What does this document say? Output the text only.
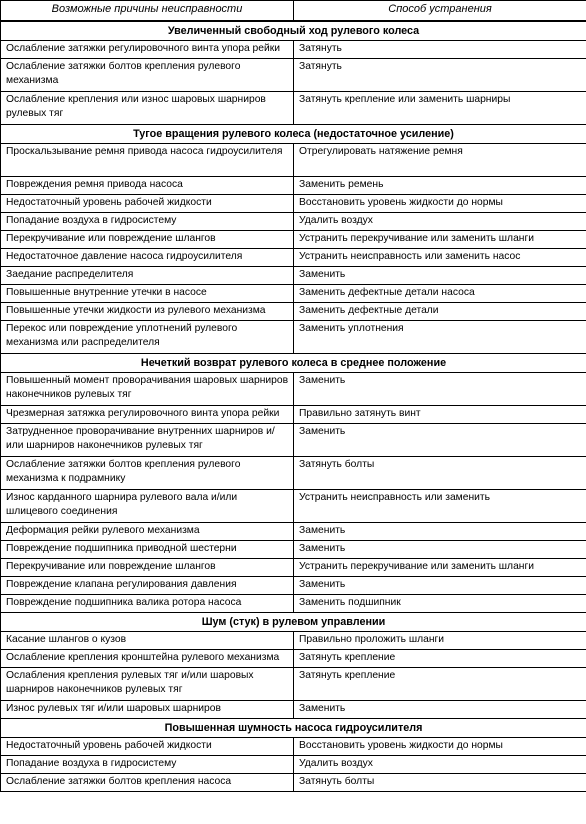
Возможные причины неисправности	Способ устранения
Увеличенный свободный ход рулевого колеса	
Ослабление затяжки регулировочного винта упора рейки	Затянуть
Ослабление затяжки болтов крепления рулевого механизма	Затянуть
Ослабление крепления или износ шаровых шарниров рулевых тяг	Затянуть крепление или заменить шарниры
Тугое вращения рулевого колеса (недостаточное усиление)	
Проскальзывание ремня привода насоса гидроусилителя	Отрегулировать натяжение ремня
Повреждения ремня привода насоса	Заменить ремень
Недостаточный уровень рабочей жидкости	Восстановить уровень жидкости до нормы
Попадание воздуха в гидросистему	Удалить воздух
Перекручивание или повреждение шлангов	Устранить перекручивание или заменить шланги
Недостаточное давление насоса гидроусилителя	Устранить неисправность или заменить насос
Заедание распределителя	Заменить
Повышенные внутренние утечки в насосе	Заменить дефектные детали насоса
Повышенные утечки жидкости из рулевого механизма	Заменить дефектные детали
Перекос или повреждение уплотнений рулевого механизма или распределителя	Заменить уплотнения
Нечеткий возврат рулевого колеса в среднее положение	
Повышенный момент проворачивания шаровых шарниров наконечников рулевых тяг	Заменить
Чрезмерная затяжка регулировочного винта упора рейки	Правильно затянуть винт
Затрудненное проворачивание внутренних шарниров и/или шарниров наконечников рулевых тяг	Заменить
Ослабление затяжки болтов крепления рулевого механизма к подрамнику	Затянуть болты
Износ карданного шарнира рулевого вала и/или шлицевого соединения	Устранить неисправность или заменить
Деформация рейки рулевого механизма	Заменить
Повреждение подшипника приводной шестерни	Заменить
Перекручивание или повреждение шлангов	Устранить перекручивание или заменить шланги
Повреждение клапана регулирования давления	Заменить
Повреждение подшипника валика ротора насоса	Заменить подшипник
Шум (стук) в рулевом управлении	
Касание шлангов о кузов	Правильно проложить шланги
Ослабление крепления кронштейна рулевого механизма	Затянуть крепление
Ослабления крепления рулевых тяг и/или шаровых шарниров наконечников рулевых тяг	Затянуть крепление
Износ рулевых тяг и/или шаровых шарниров	Заменить
Повышенная шумность насоса гидроусилителя	
Недостаточный уровень рабочей жидкости	Восстановить уровень жидкости до нормы
Попадание воздуха в гидросистему	Удалить воздух
Ослабление затяжки болтов крепления насоса	Затянуть болты
